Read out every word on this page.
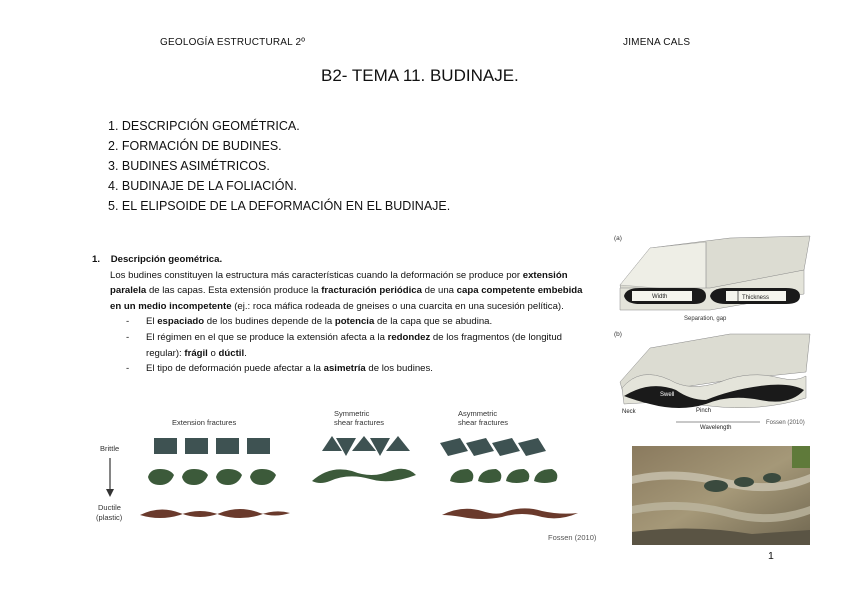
GEOLOGÍA ESTRUCTURAL 2º	JIMENA CALS
B2- TEMA 11. BUDINAJE.
1. DESCRIPCIÓN GEOMÉTRICA.
2. FORMACIÓN DE BUDINES.
3. BUDINES ASIMÉTRICOS.
4. BUDINAJE DE LA FOLIACIÓN.
5. EL ELIPSOIDE DE LA DEFORMACIÓN EN EL BUDINAJE.
1. Descripción geométrica.
Los budines constituyen la estructura más características cuando la deformación se produce por extensión paralela de las capas. Esta extensión produce la fracturación periódica de una capa competente embebida en un medio incompetente (ej.: roca máfica rodeada de gneises o una cuarcita en una sucesión pelítica).
- El espaciado de los budines depende de la potencia de la capa que se abudina.
- El régimen en el que se produce la extensión afecta a la redondez de los fragmentos (de longitud regular): frágil o dúctil.
- El tipo de deformación puede afectar a la asimetría de los budines.
Extension fractures
Symmetric
shear fractures
Asymmetric
shear fractures
Brittle
Ductile
(plastic)
Fossen (2010)
(a)
Width	Thickness
Separation, gap
(b)
Swell
Neck	Pinch
Wavelength
Fossen (2010)
1
